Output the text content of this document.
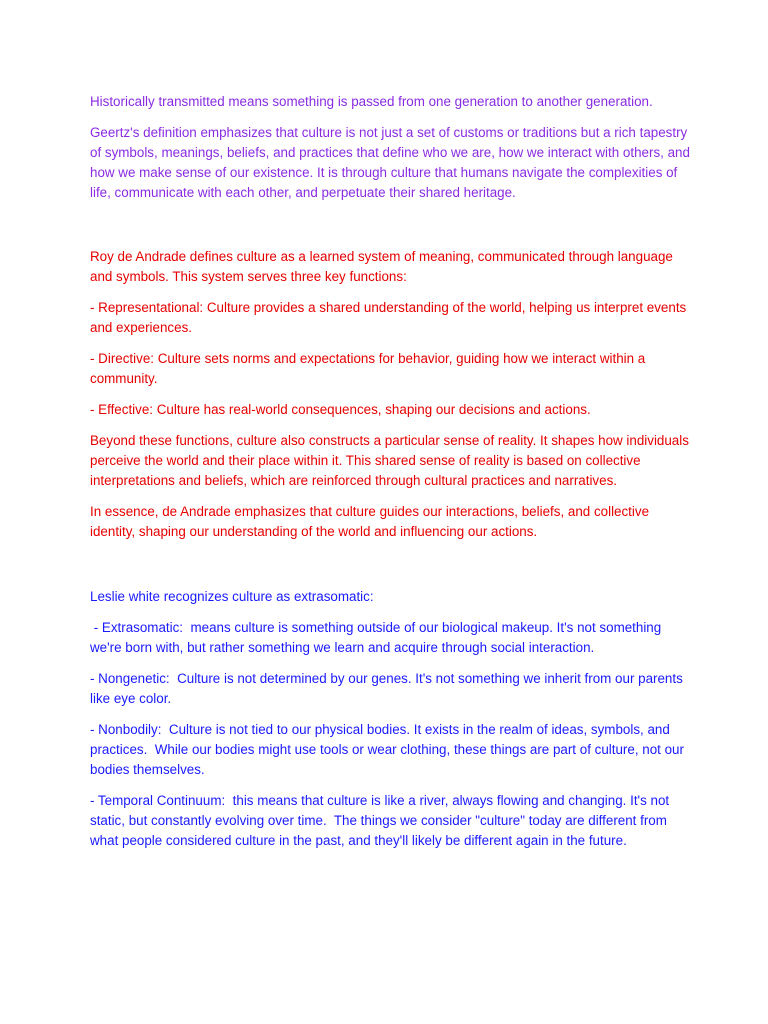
Historically transmitted means something is passed from one generation to another generation.

Geertz's definition emphasizes that culture is not just a set of customs or traditions but a rich tapestry of symbols, meanings, beliefs, and practices that define who we are, how we interact with others, and how we make sense of our existence. It is through culture that humans navigate the complexities of life, communicate with each other, and perpetuate their shared heritage.

Roy de Andrade defines culture as a learned system of meaning, communicated through language and symbols. This system serves three key functions:

- Representational: Culture provides a shared understanding of the world, helping us interpret events and experiences.

- Directive: Culture sets norms and expectations for behavior, guiding how we interact within a community.

- Effective: Culture has real-world consequences, shaping our decisions and actions.

Beyond these functions, culture also constructs a particular sense of reality. It shapes how individuals perceive the world and their place within it. This shared sense of reality is based on collective interpretations and beliefs, which are reinforced through cultural practices and narratives.

In essence, de Andrade emphasizes that culture guides our interactions, beliefs, and collective identity, shaping our understanding of the world and influencing our actions.

Leslie white recognizes culture as extrasomatic:

- Extrasomatic:  means culture is something outside of our biological makeup. It's not something we're born with, but rather something we learn and acquire through social interaction.

- Nongenetic:  Culture is not determined by our genes. It's not something we inherit from our parents like eye color.

- Nonbodily:  Culture is not tied to our physical bodies. It exists in the realm of ideas, symbols, and practices.  While our bodies might use tools or wear clothing, these things are part of culture, not our bodies themselves.

- Temporal Continuum:  this means that culture is like a river, always flowing and changing. It's not static, but constantly evolving over time.  The things we consider "culture" today are different from what people considered culture in the past, and they'll likely be different again in the future.
